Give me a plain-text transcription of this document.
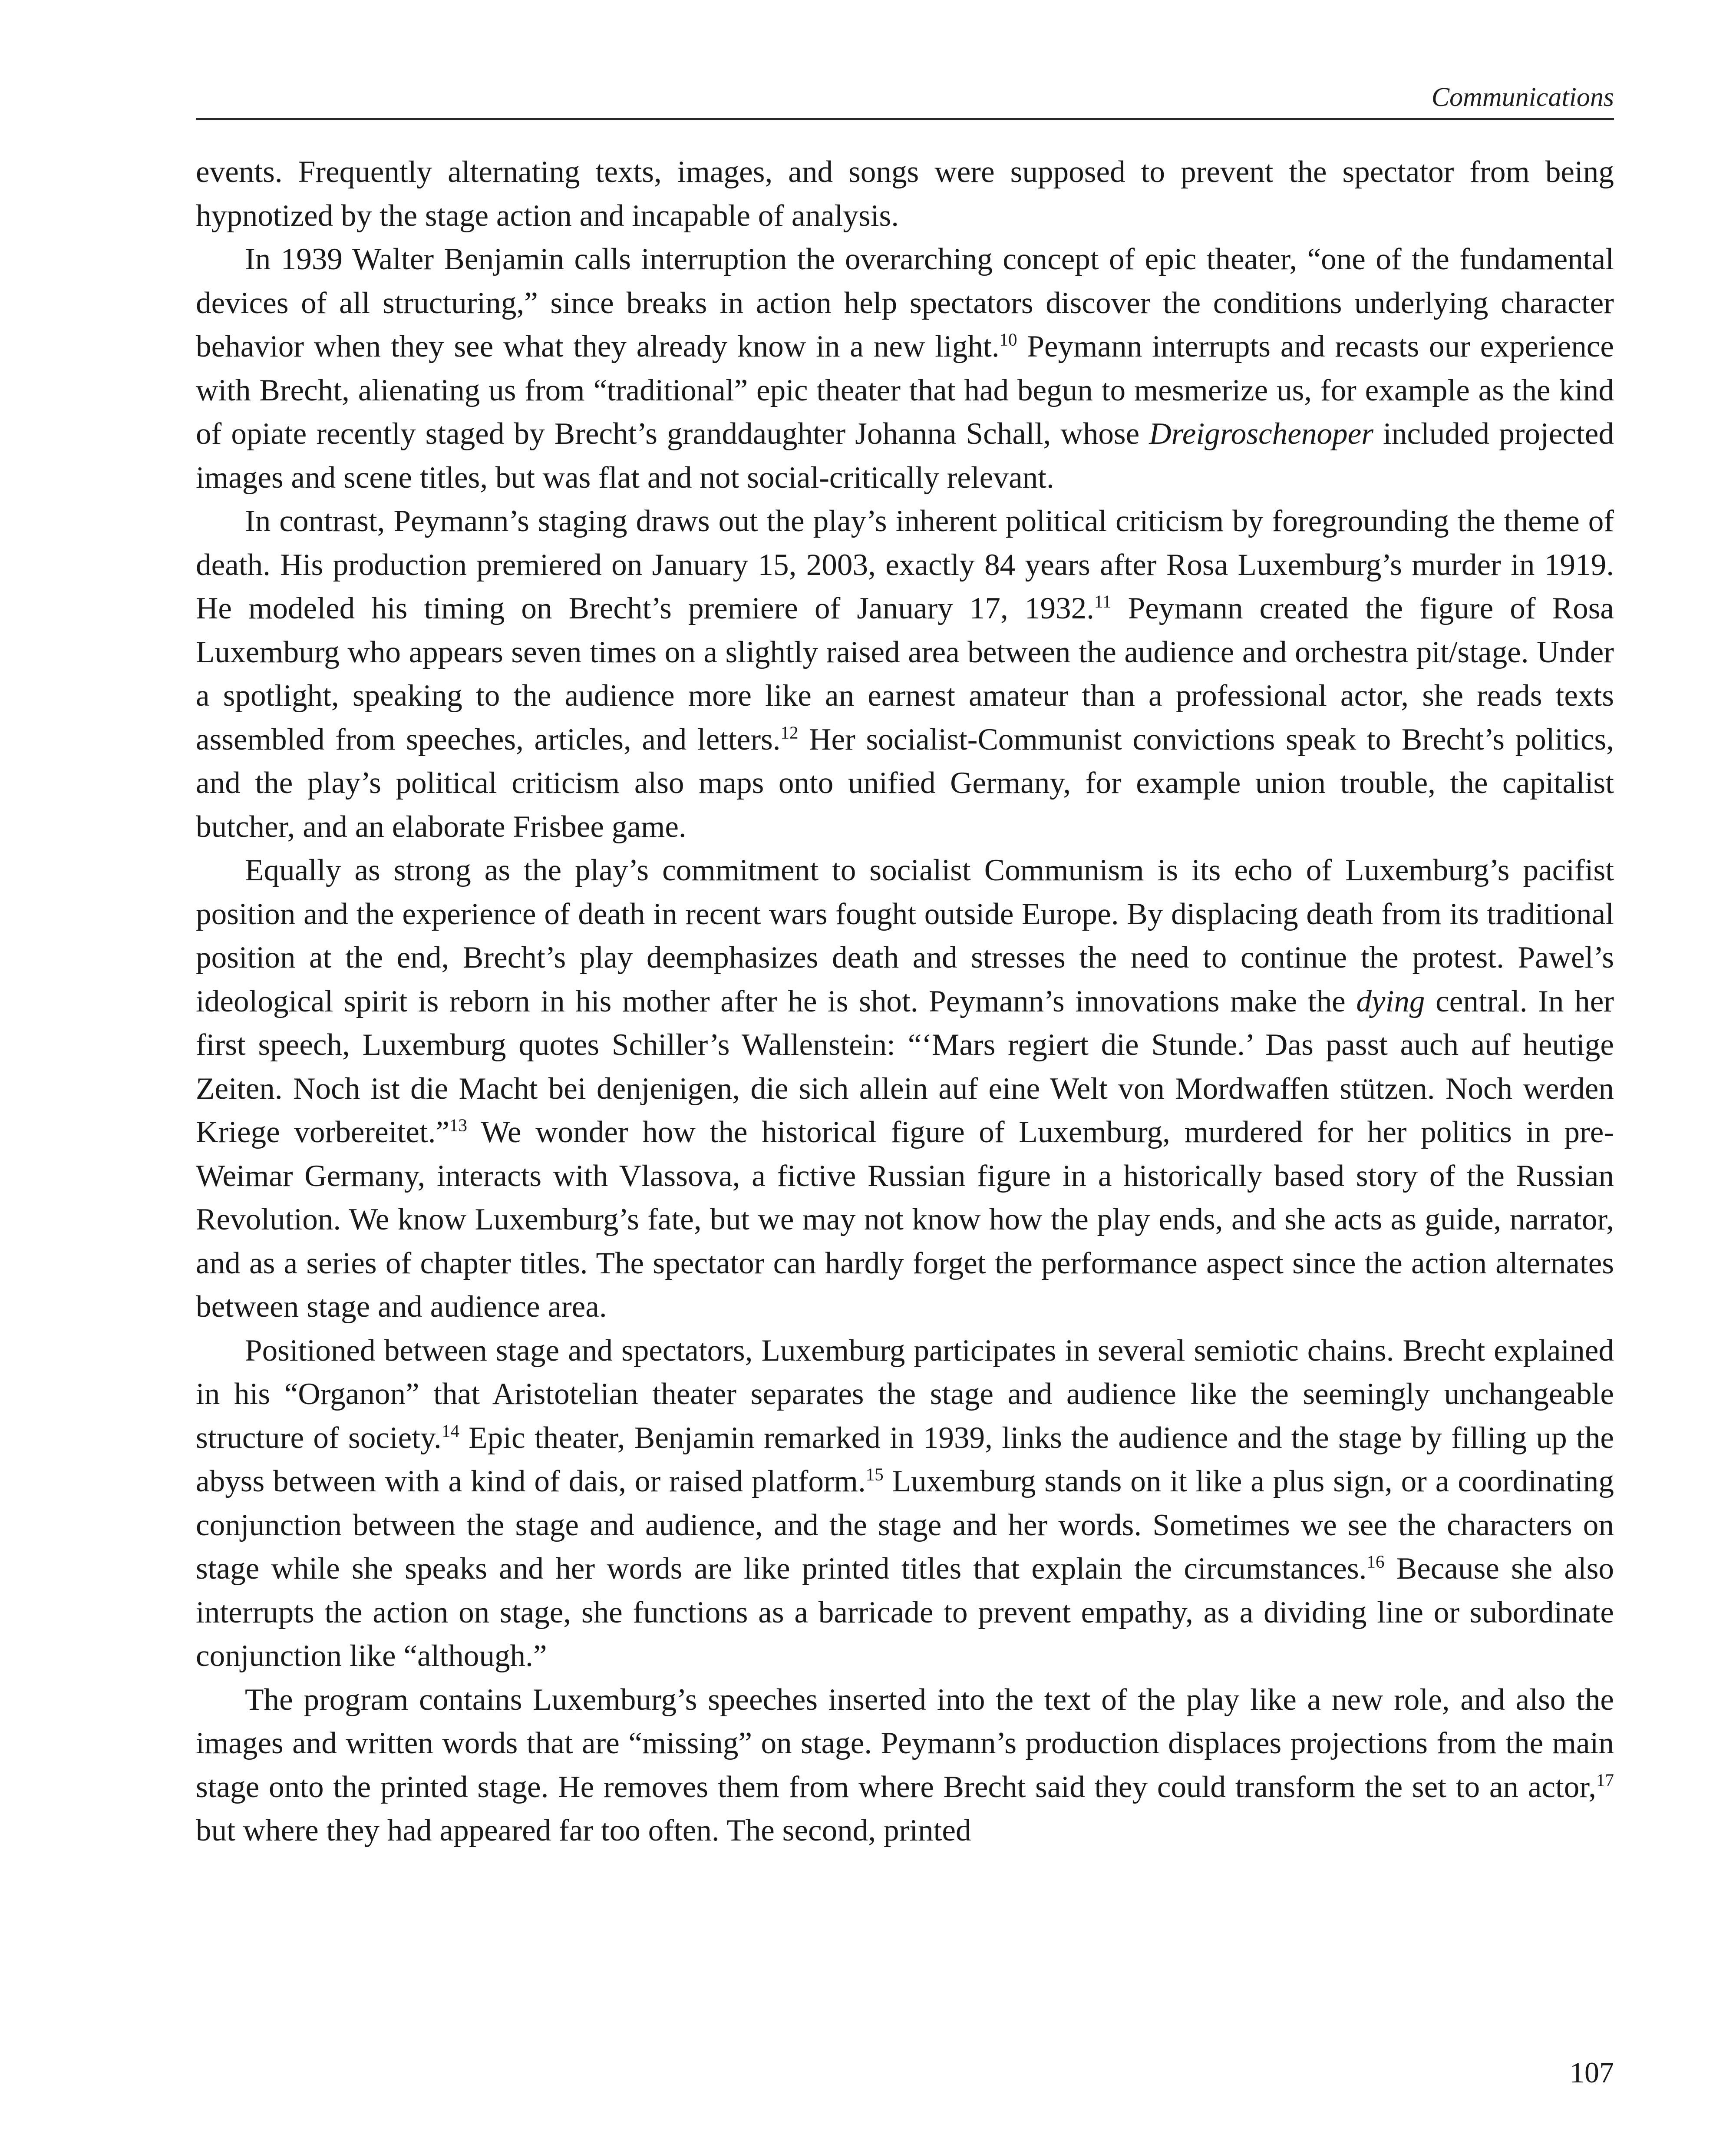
Communications

events. Frequently alternating texts, images, and songs were supposed to prevent the spectator from being hypnotized by the stage action and incapable of analysis.

In 1939 Walter Benjamin calls interruption the overarching concept of epic theater, “one of the fundamental devices of all structuring,” since breaks in action help spectators discover the conditions underlying character behavior when they see what they already know in a new light.$^{10}$ Peymann interrupts and recasts our experience with Brecht, alienating us from “traditional” epic theater that had begun to mesmerize us, for example as the kind of opiate recently staged by Brecht’s granddaughter Johanna Schall, whose Dreigroschenoper included projected images and scene titles, but was flat and not social-critically relevant.

In contrast, Peymann’s staging draws out the play’s inherent political criticism by foregrounding the theme of death. His production premiered on January 15, 2003, exactly 84 years after Rosa Luxemburg’s murder in 1919. He modeled his timing on Brecht’s premiere of January 17, 1932.11 Peymann created the figure of Rosa Luxemburg who appears seven times on a slightly raised area between the audience and orchestra pit/stage. Under a spotlight, speaking to the audience more like an earnest amateur than a professional actor, she reads texts assembled from speeches, articles, and letters.$^{12}$ Her socialist-Communist convictions speak to Brecht’s politics, and the play’s political criticism also maps onto unified Germany, for example union trouble, the capitalist butcher, and an elaborate Frisbee game.

Equally as strong as the play’s commitment to socialist Communism is its echo of Luxemburg’s pacifist position and the experience of death in recent wars fought outside Europe. By displacing death from its traditional position at the end, Brecht’s play deemphasizes death and stresses the need to continue the protest. Pawel’s ideological spirit is reborn in his mother after he is shot. Peymann’s innovations make the dying central. In her first speech, Luxemburg quotes Schiller’s Wallenstein: “‘Mars regiert die Stunde.’ Das passt auch auf heutige Zeiten. Noch ist die Macht bei denjenigen, die sich allein auf eine Welt von Mordwaffen stützen. Noch werden Kriege vorbereitet.”$^{13}$ We wonder how the historical figure of Luxemburg, murdered for her politics in pre-Weimar Germany, interacts with Vlassova, a fictive Russian figure in a historically based story of the Russian Revolution. We know Luxemburg’s fate, but we may not know how the play ends, and she acts as guide, narrator, and as a series of chapter titles. The spectator can hardly forget the performance aspect since the action alternates between stage and audience area.

Positioned between stage and spectators, Luxemburg participates in several semiotic chains. Brecht explained in his “Organon” that Aristotelian theater separates the stage and audience like the seemingly unchangeable structure of society.$^{14}$ Epic theater, Benjamin remarked in 1939, links the audience and the stage by filling up the abyss between with a kind of dais, or raised platform.$^{15}$ Luxemburg stands on it like a plus sign, or a coordinating conjunction between the stage and audience, and the stage and her words. Sometimes we see the characters on stage while she speaks and her words are like printed titles that explain the circumstances.$^{16}$ Because she also interrupts the action on stage, she functions as a barricade to prevent empathy, as a dividing line or subordinate conjunction like “although.”

The program contains Luxemburg’s speeches inserted into the text of the play like a new role, and also the images and written words that are “missing” on stage. Peymann’s production displaces projections from the main stage onto the printed stage. He removes them from where Brecht said they could transform the set to an actor,$^{17}$ but where they had appeared far too often. The second, printed

107
